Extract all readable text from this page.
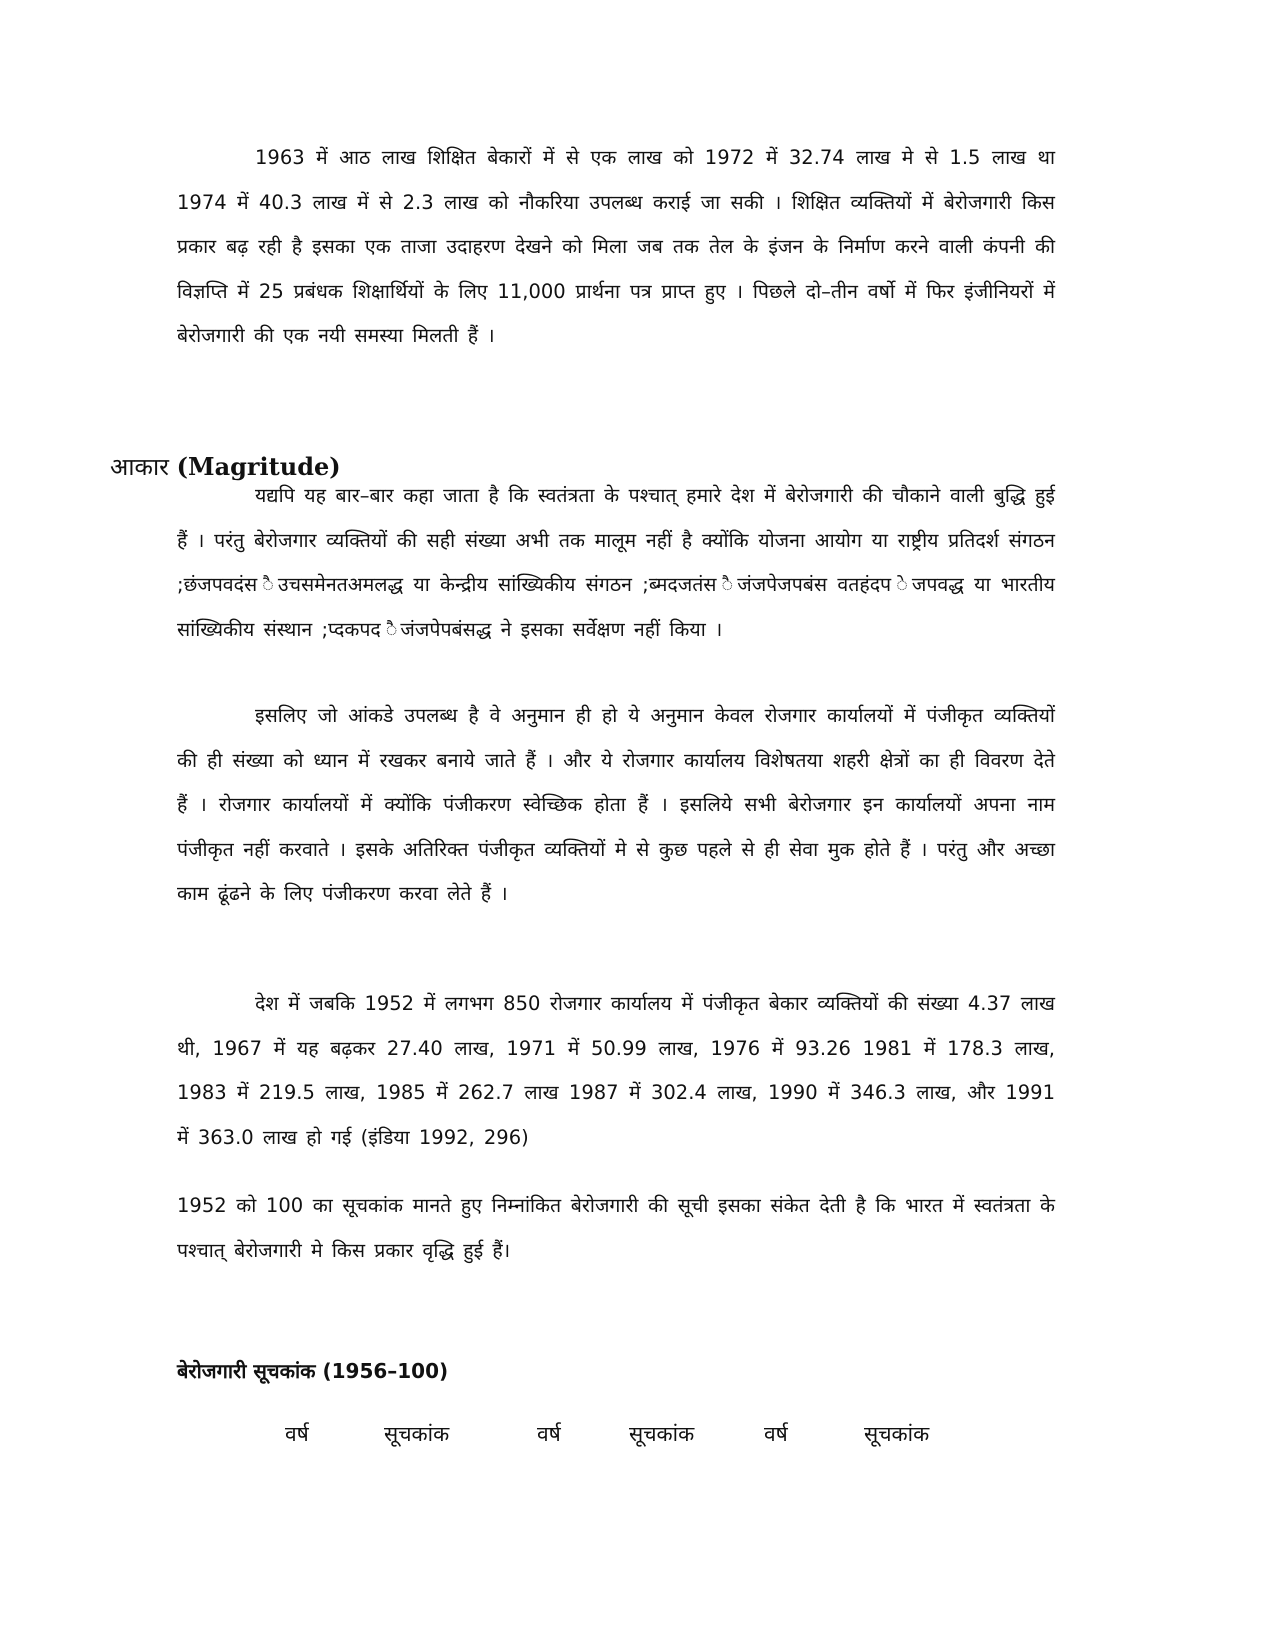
1963 में आठ लाख शिक्षित बेकारों में से एक लाख को 1972 में 32.74 लाख मे से 1.5 लाख था 1974 में 40.3 लाख में से 2.3 लाख को नौकरिया उपलब्ध कराई जा सकी । शिक्षित व्यक्तियों में बेरोजगारी किस प्रकार बढ़ रही है इसका एक ताजा उदाहरण देखने को मिला जब तक तेल के इंजन के निर्माण करने वाली कंपनी की विज्ञप्ति में 25 प्रबंधक शिक्षार्थियों के लिए 11,000 प्रार्थना पत्र प्राप्त हुए । पिछले दो–तीन वर्षो में फिर इंजीनियरों में बेरोजगारी की एक नयी समस्या मिलती हैं ।

आकार (Magritude)

यद्यपि यह बार–बार कहा जाता है कि स्वतंत्रता के पश्चात् हमारे देश में बेरोजगारी की चौकाने वाली बुद्धि हुई हैं । परंतु बेरोजगार व्यक्तियों की सही संख्या अभी तक मालूम नहीं है क्योंकि योजना आयोग या राष्ट्रीय प्रतिदर्श संगठन ;छंजपवदंस ैउचसमेनतअमलद्ध या केन्द्रीय सांख्यिकीय संगठन ;ब्मदजतंस ैजंजपेजपबंस वतहंदप ेजपवद्ध या भारतीय सांख्यिकीय संस्थान ;प्दकपद ैजंजपेपबंसद्ध ने इसका सर्वेक्षण नहीं किया ।

इसलिए जो आंकडे उपलब्ध है वे अनुमान ही हो ये अनुमान केवल रोजगार कार्यालयों में पंजीकृत व्यक्तियों की ही संख्या को ध्यान में रखकर बनाये जाते हैं । और ये रोजगार कार्यालय विशेषतया शहरी क्षेत्रों का ही विवरण देते हैं । रोजगार कार्यालयों में क्योंकि पंजीकरण स्वेच्छिक होता हैं । इसलिये सभी बेरोजगार इन कार्यालयों अपना नाम पंजीकृत नहीं करवाते । इसके अतिरिक्त पंजीकृत व्यक्तियों मे से कुछ पहले से ही सेवा मुक होते हैं । परंतु और अच्छा काम ढूंढने के लिए पंजीकरण करवा लेते हैं ।

देश में जबकि 1952 में लगभग 850 रोजगार कार्यालय में पंजीकृत बेकार व्यक्तियों की संख्या 4.37 लाख थी, 1967 में यह बढ़कर 27.40 लाख, 1971 में 50.99 लाख, 1976 में 93.26 1981 में 178.3 लाख, 1983 में 219.5 लाख, 1985 में 262.7 लाख 1987 में 302.4 लाख, 1990 में 346.3 लाख, और 1991 में 363.0 लाख हो गई (इंडिया 1992, 296)

1952 को 100 का सूचकांक मानते हुए निम्नांकित बेरोजगारी की सूची इसका संकेत देती है कि भारत में स्वतंत्रता के पश्चात् बेरोजगारी मे किस प्रकार वृद्धि हुई हैं।

बेरोजगारी सूचकांक (1956–100)
वर्ष	सूचकांक	वर्ष	सूचकांक	वर्ष	सूचकांक
